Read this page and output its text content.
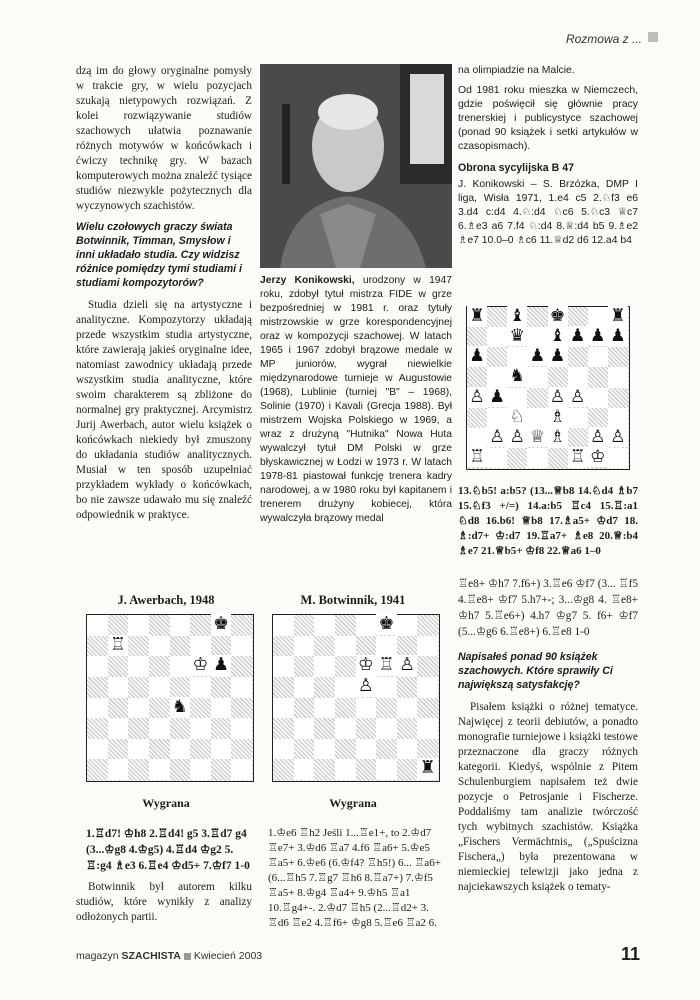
Rozmowa z ...
dzą im do głowy oryginalne pomysły w trakcie gry, w wielu pozycjach szukają nietypowych rozwiązań. Z kolei rozwiązywanie studiów szachowych ułatwia poznawanie różnych motywów w końcówkach i ćwiczy technikę gry. W bazach komputerowych można znaleźć tysiące studiów niezwykle pożytecznych dla wyczynowych szachistów.
Wielu czołowych graczy świata Botwinnik, Timman, Smysłow i inni układało studia. Czy widzisz różnice pomiędzy tymi studiami i studiami kompozytorów?
Studia dzieli się na artystyczne i analityczne. Kompozytorzy układają przede wszystkim studia artystyczne, które zawierają jakieś oryginalne idee, natomiast zawodnicy układają przede wszystkim studia analityczne, które swoim charakterem są zbliżone do normalnej gry praktycznej. Arcymistrz Jurij Awerbach, autor wielu książek o końcówkach niekiedy był zmuszony do układania studiów analitycznych. Musiał w ten sposób uzupełniać przykładem wykłady o końcówkach, bo nie zawsze udawało mu się znaleźć odpowiednik w praktyce.
Jerzy Konikowski, urodzony w 1947 roku, zdobył tytuł mistrza FIDE w grze bezpośredniej w 1981 r. oraz tytuły mistrzowskie w grze korespondencyjnej oraz w kompozycji szachowej. W latach 1965 i 1967 zdobył brązowe medale w MP juniorów, wygrał niewielkie międzynarodowe turnieje w Augustowie (1968), Lublinie (turniej "B" – 1968), Solinie (1970) i Kavali (Grecja 1988). Był mistrzem Wojska Polskiego w 1969, a wraz z drużyną "Hutnika" Nowa Huta wywalczył tytuł DM Polski w grze błyskawicznej w Łodzi w 1973 r. W latach 1978-81 piastował funkcję trenera kadry narodowej, a w 1980 roku był kapitanem i trenerem drużyny kobiecej, która wywalczyła brązowy medal
na olimpiadzie na Malcie.
Od 1981 roku mieszka w Niemczech, gdzie poświęcił się głównie pracy trenerskiej i publicystyce szachowej (ponad 90 książek i setki artykułów w czasopismach).
Obrona sycylijska B 47
J. Konikowski – S. Brzózka, DMP I liga, Wisła 1971, 1.e4 c5 2.♘f3 e6 3.d4 c:d4 4.♘:d4 ♘c6 5.♘c3 ♕c7 6.♗e3 a6 7.f4 ♘:d4 8.♕:d4 b5 9.♗e2 ♗e7 10.0–0 ♗c6 11.♕d2 d6 12.a4 b4
♜ ♝ ♚	♜
♛ ♝ ♟ ♟ ♟
♟	♟ ♟
♞
♙ ♟	♙ ♙
♘ ♗
♙ ♙ ♕ ♗ ♙ ♙
♖	♖ ♔
13.♘b5! a:b5? (13...♕b8 14.♘d4 ♗b7 15.♘f3 +/=) 14.a:b5 ♖c4 15.♖:a1 ♘d8 16.b6! ♕b8 17.♗a5+ ♔d7 18. ♗:d7+ ♔:d7 19.♖a7+ ♗e8 20.♕:b4 ♗e7 21.♕b5+ ♔f8 22.♕a6 1–0
J. Awerbach, 1948
♚
♖
♔ ♟
♞
Wygrana
1.♖d7! ♔h8 2.♖d4! g5 3.♖d7 g4 (3...♔g8 4.♔g5) 4.♖d4 ♔g2 5. ♖:g4 ♗e3 6.♖e4 ♔d5+ 7.♔f7 1-0
Botwinnik był autorem kilku studiów, które wynikły z analizy odłożonych partii.
M. Botwinnik, 1941
♚
♔ ♖ ♙
♙
♜
Wygrana
1.♔e6 ♖h2 Jeśli 1...♖e1+, to 2.♔d7 ♖e7+ 3.♔d6 ♖a7 4.f6 ♖a6+ 5.♔e5 ♖a5+ 6.♔e6 (6.♔f4? ♖h5!) 6... ♖a6+ (6...♖h5 7.♖g7 ♖h6 8.♖a7+) 7.♔f5 ♖a5+ 8.♔g4 ♖a4+ 9.♔h5 ♖a1 10.♖g4+-. 2.♔d7 ♖h5 (2...♖d2+ 3. ♖d6 ♖e2 4.♖f6+ ♔g8 5.♖e6 ♖a2 6.
♖e8+ ♔h7 7.f6+) 3.♖e6 ♔f7 (3... ♖f5 4.♖e8+ ♔f7 5.h7+-; 3...♔g8 4. ♖e8+ ♔h7 5.♖e6+) 4.h7 ♔g7 5. f6+ ♔f7 (5...♔g6 6.♖e8+) 6.♖e8 1-0
Napisałeś ponad 90 książek szachowych. Które sprawiły Ci największą satysfakcję?
Pisałem książki o różnej tematyce. Najwięcej z teorii debiutów, a ponadto monografie turniejowe i książki testowe przeznaczone dla graczy różnych kategorii. Kiedyś, wspólnie z Pitem Schulenburgiem napisałem też dwie pozycje o Petrosjanie i Fischerze. Poddaliśmy tam analizie twórczość tych wybitnych szachistów. Książka „Fischers Vermächtnis„ („Spuścizna Fischera„) była prezentowana w niemieckiej telewizji jako jedna z najciekawszych książek o tematy-
magazyn SZACHISTA Kwiecień 2003	11
